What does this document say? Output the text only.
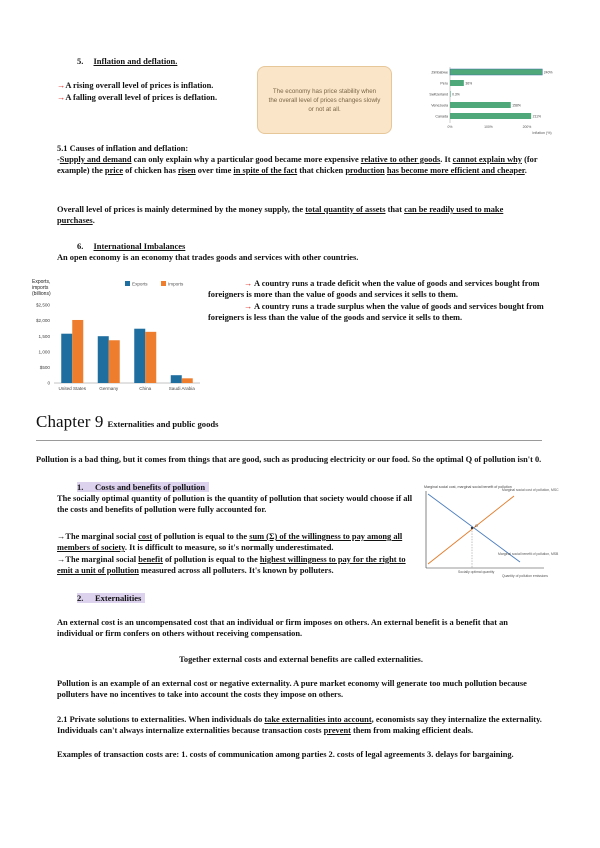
5. Inflation and deflation.
→A rising overall level of prices is inflation.
→A falling overall level of prices is deflation.
The economy has price stability when the overall level of prices changes slowly or not at all.
Zimbabwe	240%
Peru	36%
Switzerland 0.3%
Venezuela	158%
Canada	211%
0%	100%	200%
Inflation (%)
5.1 Causes of inflation and deflation:
-Supply and demand can only explain why a particular good became more expensive relative to other goods. It cannot explain why (for example) the price of chicken has risen over time in spite of the fact that chicken production has become more efficient and cheaper.
Overall level of prices is mainly determined by the money supply, the total quantity of assets that can be readily used to make purchases.
6. International Imbalances
An open economy is an economy that trades goods and services with other countries.
Exports,
imports
(billions)
Exports	Imports
0
$500
1,000
1,500
$2,000
$2,500
United States	Germany	China	Saudi Arabia
→ A country runs a trade deficit when the value of goods and services bought from foreigners is more than the value of goods and services it sells to them.
→ A country runs a trade surplus when the value of goods and services bought from foreigners is less than the value of the goods and service it sells to them.
Chapter 9 Externalities and public goods
Pollution is a bad thing, but it comes from things that are good, such as producing electricity or our food. So the optimal Q of pollution isn't 0.
1. Costs and benefits of pollution
The socially optimal quantity of pollution is the quantity of pollution that society would choose if all the costs and benefits of pollution were fully accounted for.
→The marginal social cost of pollution is equal to the sum (Σ) of the willingness to pay among all members of society. It is difficult to measure, so it's normally underestimated.
→The marginal social benefit of pollution is equal to the highest willingness to pay for the right to emit a unit of pollution measured across all polluters. It's known by polluters.
Marginal social cost, marginal social benefit of pollution
O
Marginal social cost of pollution, MSC
Marginal social benefit of pollution, MSB
Socially optimal quantity
Quantity of pollution emissions
2. Externalities
An external cost is an uncompensated cost that an individual or firm imposes on others. An external benefit is a benefit that an individual or firm confers on others without receiving compensation.
Together external costs and external benefits are called externalities.
Pollution is an example of an external cost or negative externality. A pure market economy will generate too much pollution because polluters have no incentives to take into account the costs they impose on others.
2.1 Private solutions to externalities. When individuals do take externalities into account, economists say they internalize the externality. Individuals can't always internalize externalities because transaction costs prevent them from making efficient deals.
Examples of transaction costs are: 1. costs of communication among parties 2. costs of legal agreements 3. delays for bargaining.
